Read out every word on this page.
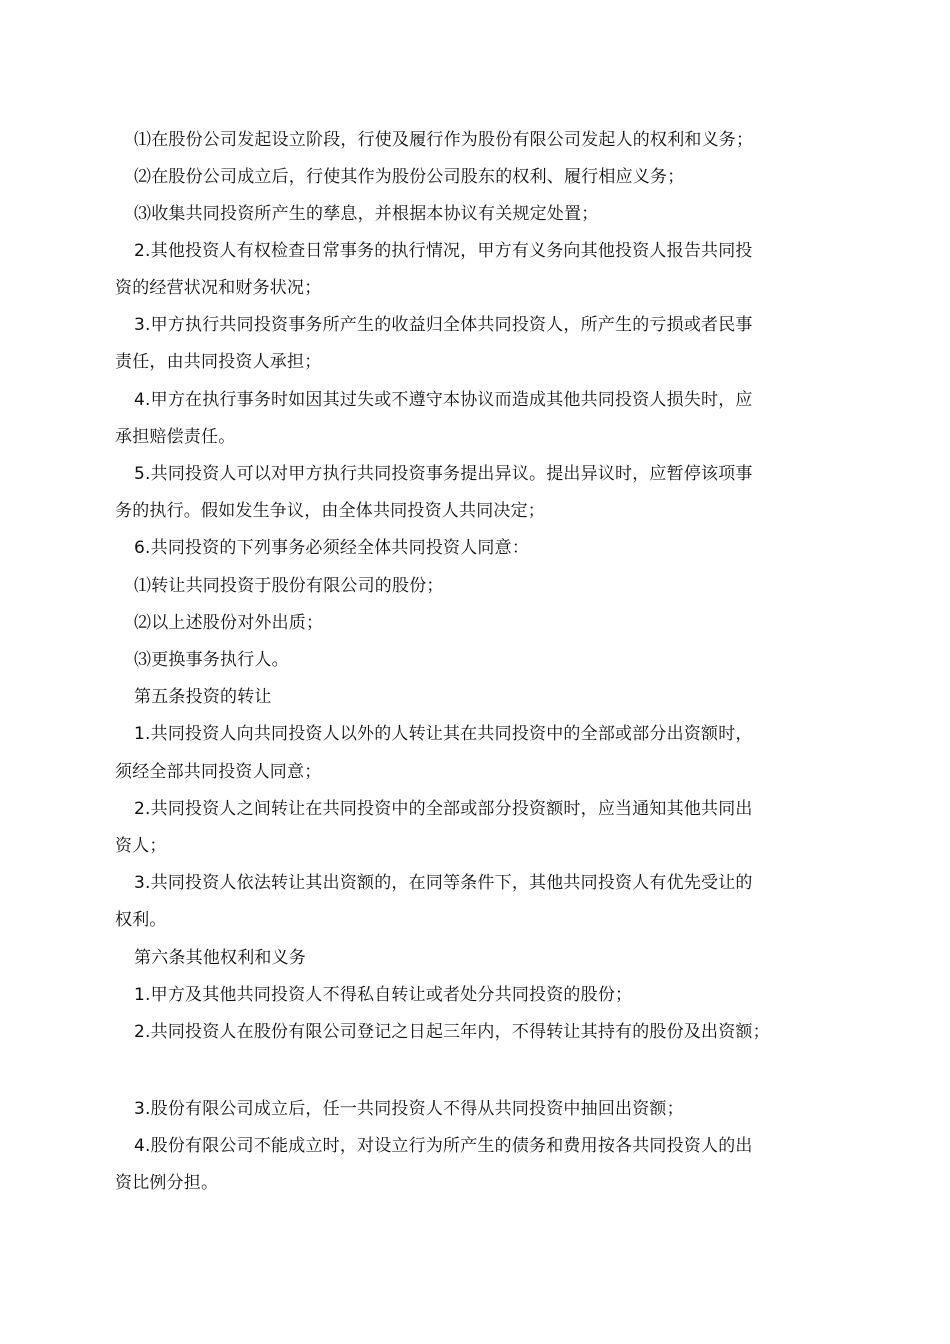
⑴在股份公司发起设立阶段，行使及履行作为股份有限公司发起人的权利和义务；
⑵在股份公司成立后，行使其作为股份公司股东的权利、履行相应义务；
⑶收集共同投资所产生的孳息，并根据本协议有关规定处置；
2.其他投资人有权检查日常事务的执行情况，甲方有义务向其他投资人报告共同投
资的经营状况和财务状况；
3.甲方执行共同投资事务所产生的收益归全体共同投资人，所产生的亏损或者民事
责任，由共同投资人承担；
4.甲方在执行事务时如因其过失或不遵守本协议而造成其他共同投资人损失时，应
承担赔偿责任。
5.共同投资人可以对甲方执行共同投资事务提出异议。提出异议时，应暂停该项事
务的执行。假如发生争议，由全体共同投资人共同决定；
6.共同投资的下列事务必须经全体共同投资人同意：
⑴转让共同投资于股份有限公司的股份；
⑵以上述股份对外出质；
⑶更换事务执行人。
第五条投资的转让
1.共同投资人向共同投资人以外的人转让其在共同投资中的全部或部分出资额时，
须经全部共同投资人同意；
2.共同投资人之间转让在共同投资中的全部或部分投资额时，应当通知其他共同出
资人；
3.共同投资人依法转让其出资额的，在同等条件下，其他共同投资人有优先受让的
权利。
第六条其他权利和义务
1.甲方及其他共同投资人不得私自转让或者处分共同投资的股份；
2.共同投资人在股份有限公司登记之日起三年内，不得转让其持有的股份及出资额；
3.股份有限公司成立后，任一共同投资人不得从共同投资中抽回出资额；
4.股份有限公司不能成立时，对设立行为所产生的债务和费用按各共同投资人的出
资比例分担。
